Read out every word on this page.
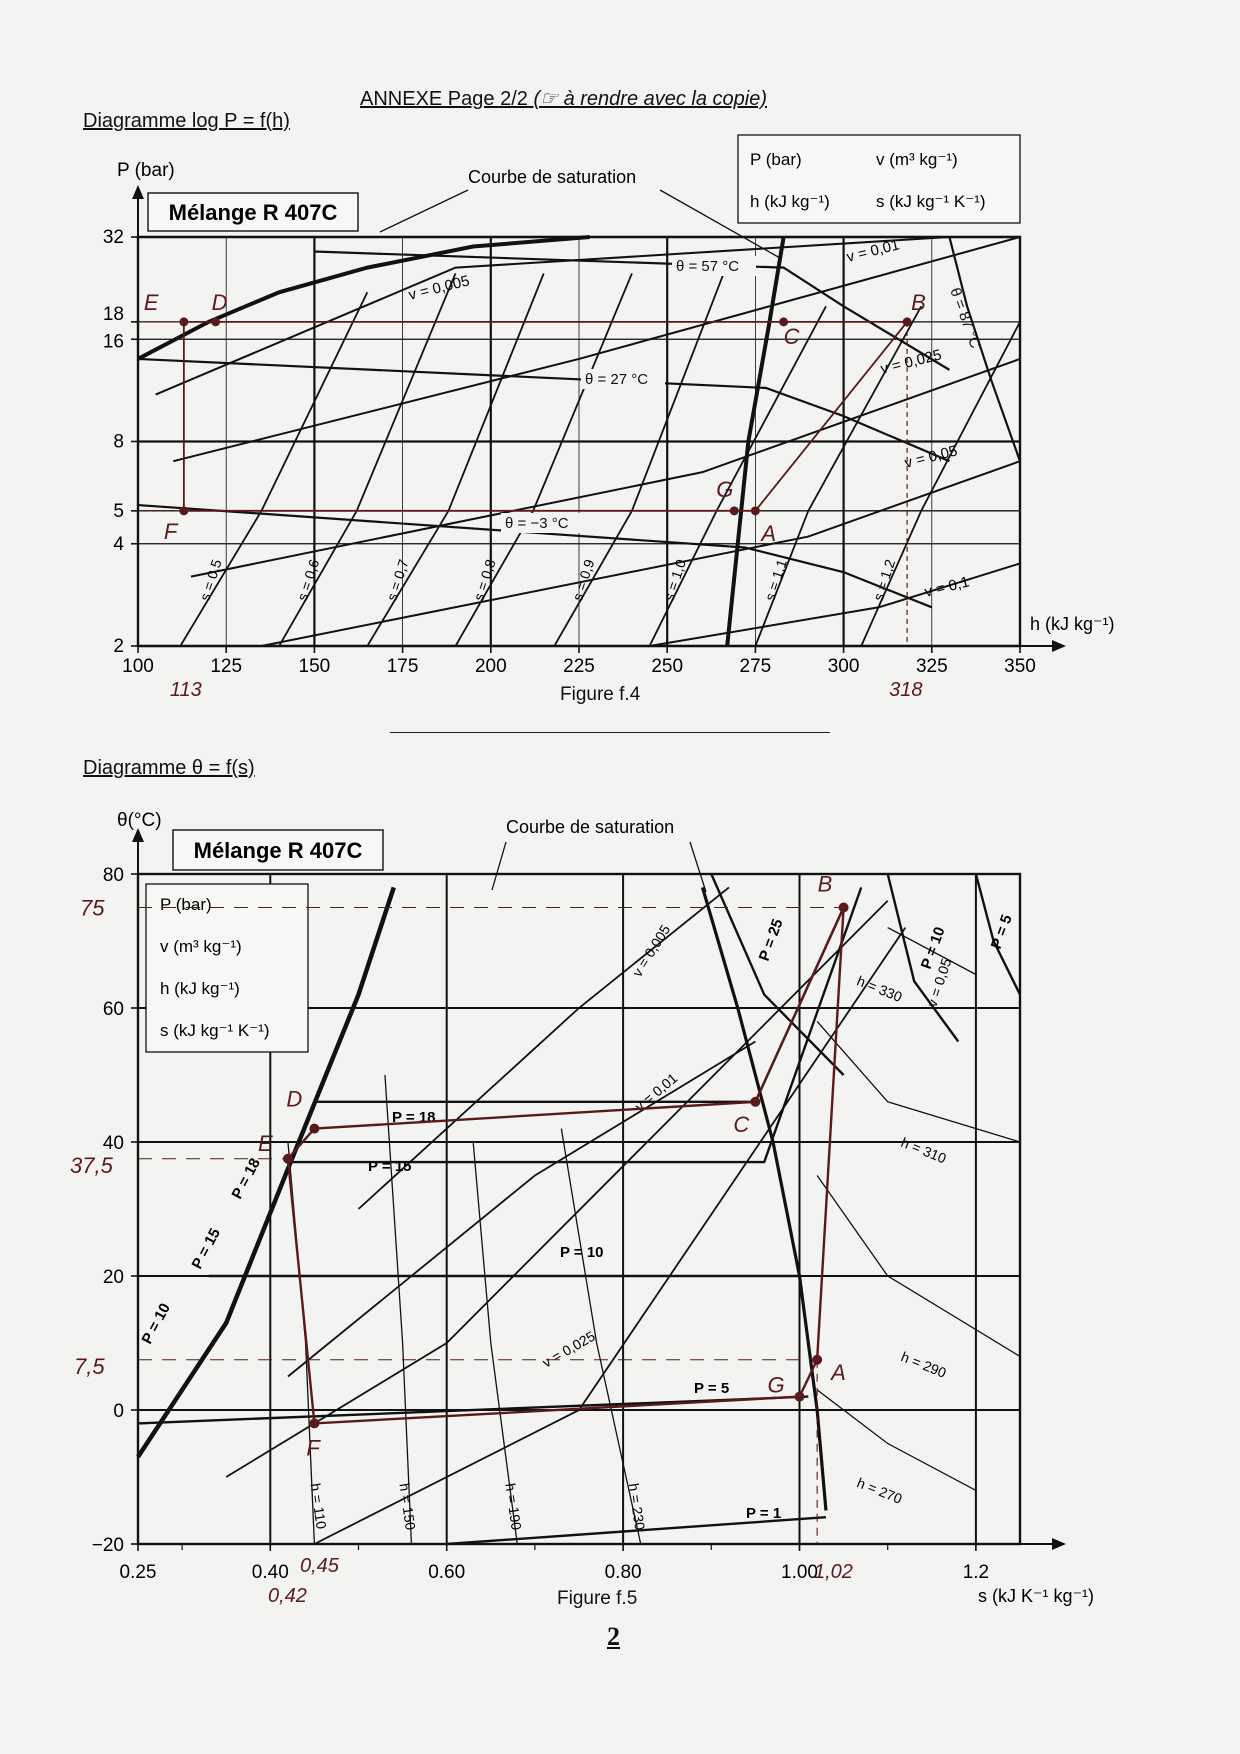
ANNEXE Page 2/2 (☞ à rendre avec la copie)
Diagramme log P = f(h)
Diagramme θ = f(s)
Figure f.4
Figure f.5
2
100	125	150	175	200	225	250	275	300	325	350
2
4
5
8
16
18
32
P (bar)
h (kJ kg⁻¹)
Mélange R 407C
P (bar)	v (m³ kg⁻¹)
h (kJ kg⁻¹)	s (kJ kg⁻¹ K⁻¹)
Courbe de saturation
s = 0,5	s = 0,6	s = 0,7	s = 0,8	s = 0,9	s = 1,0	s = 1,1	s = 1,2
v = 0,005
v = 0,01
v = 0,025
v = 0,05
v = 0,1
θ = 57 °C
θ = 27 °C
θ = −3 °C
θ = 87 °C
A
B
C
D
E
F
G
113	318
0.25	0.40	0.60	0.80	1.00	1.2
−20
0
20
40
60
80
θ(°C)
s (kJ K⁻¹ kg⁻¹)
Mélange R 407C
P (bar)
v (m³ kg⁻¹)
h (kJ kg⁻¹)
s (kJ kg⁻¹ K⁻¹)
Courbe de saturation
h = 110	h = 150	h = 190	h = 230	h = 270
h = 290
h = 310
h = 330
v = 0,005
v = 0,01
v = 0,025
v = 0,05
P = 18
P = 15
P = 10
P = 5
P = 1
P = 25	P = 10	P = 5
P = 10
P = 15
P = 18
A
B
C
D
E
F
G
75
37,5
7,5
0,42
0,45	1,02
